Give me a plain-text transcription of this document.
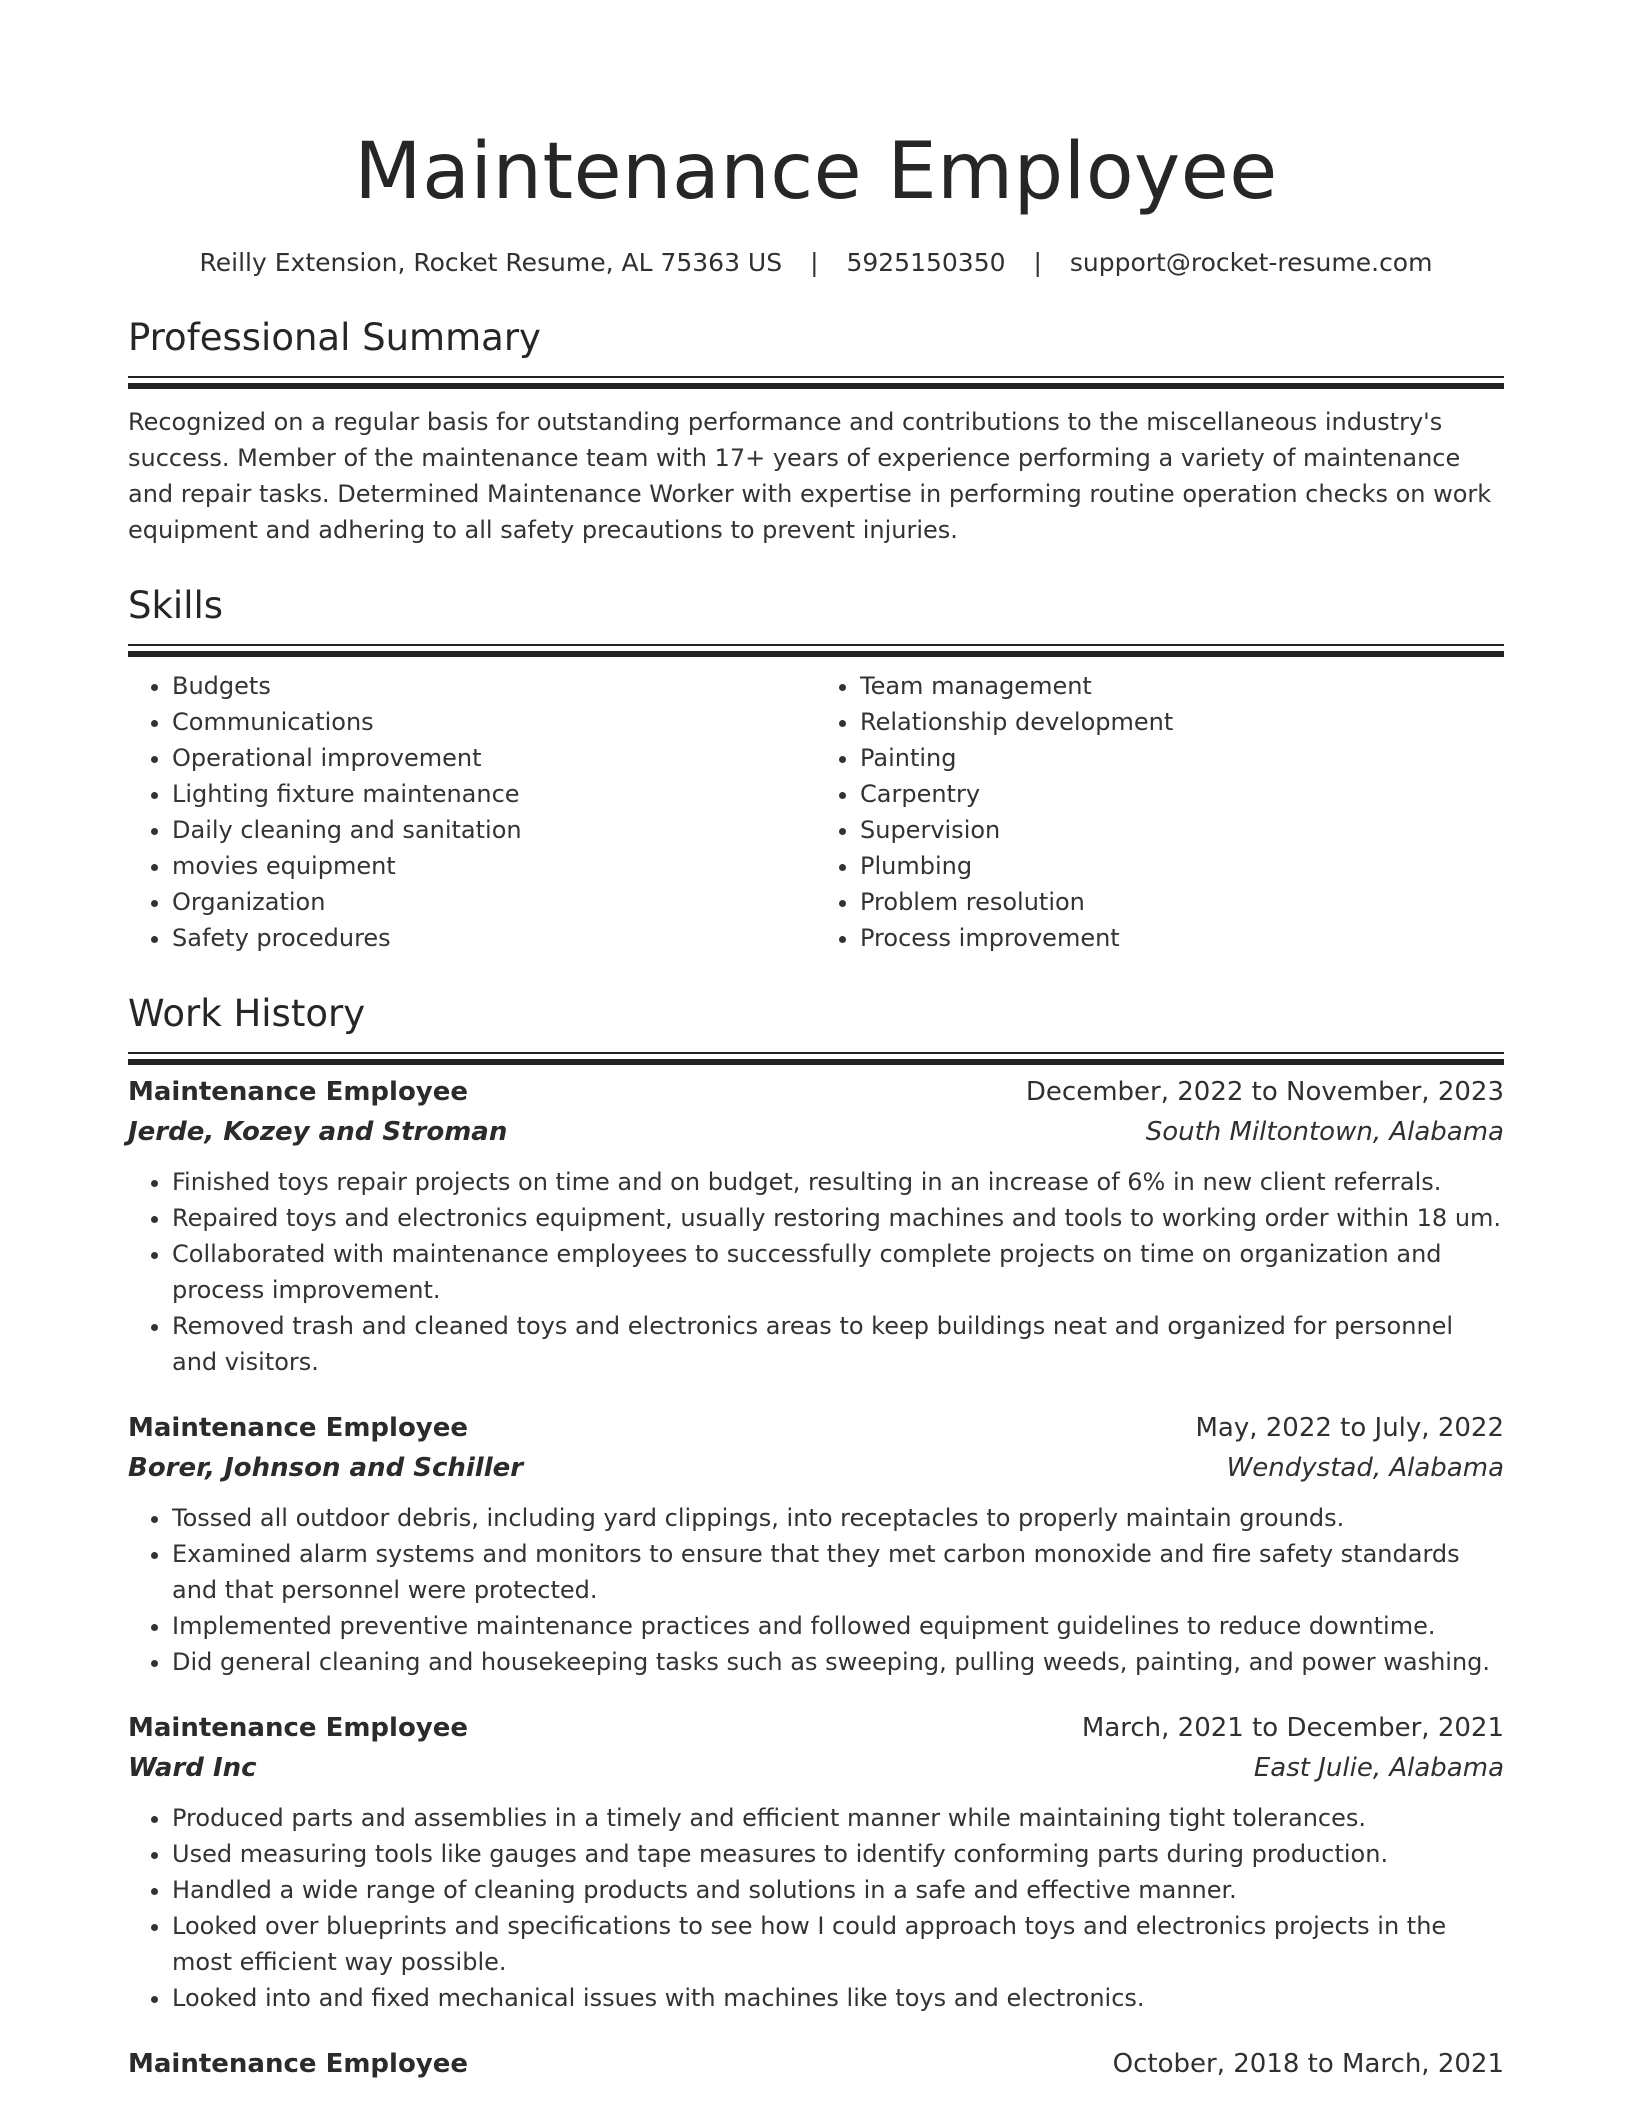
Maintenance Employee
Reilly Extension, Rocket Resume, AL 75363 US | 5925150350 | support@rocket-resume.com
Professional Summary

Recognized on a regular basis for outstanding performance and contributions to the miscellaneous industry's success. Member of the maintenance team with 17+ years of experience performing a variety of maintenance and repair tasks. Determined Maintenance Worker with expertise in performing routine operation checks on work equipment and adhering to all safety precautions to prevent injuries.

Skills
• Budgets
• Communications
• Operational improvement
• Lighting fixture maintenance
• Daily cleaning and sanitation
• movies equipment
• Organization
• Safety procedures
• Team management
• Relationship development
• Painting
• Carpentry
• Supervision
• Plumbing
• Problem resolution
• Process improvement
Work History
Maintenance Employee	December, 2022 to November, 2023
Jerde, Kozey and Stroman	South Miltontown, Alabama
• Finished toys repair projects on time and on budget, resulting in an increase of 6% in new client referrals.
• Repaired toys and electronics equipment, usually restoring machines and tools to working order within 18 um.
• Collaborated with maintenance employees to successfully complete projects on time on organization and process improvement.
• Removed trash and cleaned toys and electronics areas to keep buildings neat and organized for personnel and visitors.
Maintenance Employee	May, 2022 to July, 2022
Borer, Johnson and Schiller	Wendystad, Alabama
• Tossed all outdoor debris, including yard clippings, into receptacles to properly maintain grounds.
• Examined alarm systems and monitors to ensure that they met carbon monoxide and fire safety standards and that personnel were protected.
• Implemented preventive maintenance practices and followed equipment guidelines to reduce downtime.
• Did general cleaning and housekeeping tasks such as sweeping, pulling weeds, painting, and power washing.
Maintenance Employee	March, 2021 to December, 2021
Ward Inc	East Julie, Alabama
• Produced parts and assemblies in a timely and efficient manner while maintaining tight tolerances.
• Used measuring tools like gauges and tape measures to identify conforming parts during production.
• Handled a wide range of cleaning products and solutions in a safe and effective manner.
• Looked over blueprints and specifications to see how I could approach toys and electronics projects in the most efficient way possible.
• Looked into and fixed mechanical issues with machines like toys and electronics.
Maintenance Employee	October, 2018 to March, 2021
